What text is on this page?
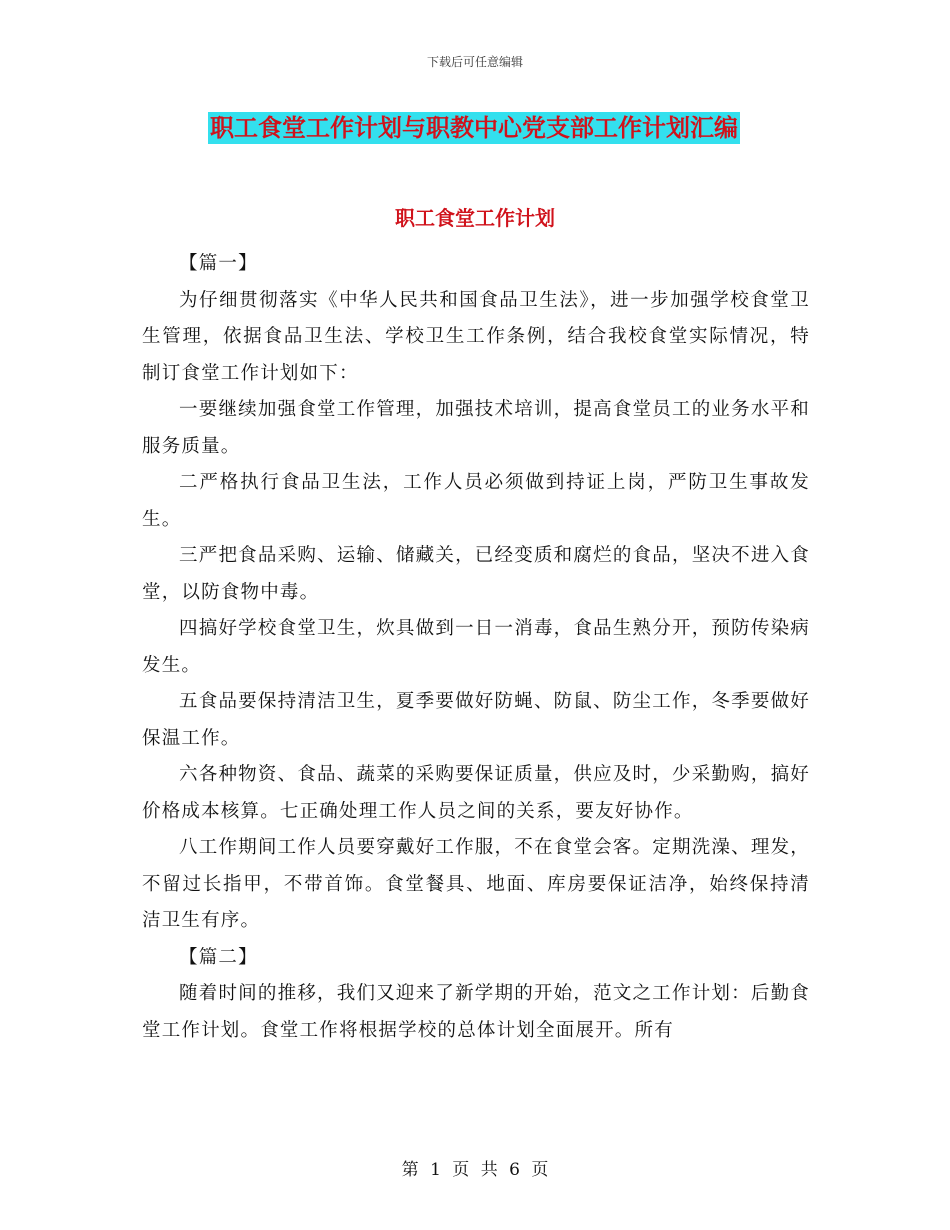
下载后可任意编辑
职工食堂工作计划与职教中心党支部工作计划汇编
职工食堂工作计划

【篇一】

为仔细贯彻落实《中华人民共和国食品卫生法》，进一步加强学校食堂卫生管理，依据食品卫生法、学校卫生工作条例，结合我校食堂实际情况，特制订食堂工作计划如下：

一要继续加强食堂工作管理，加强技术培训，提高食堂员工的业务水平和服务质量。

二严格执行食品卫生法，工作人员必须做到持证上岗，严防卫生事故发生。

三严把食品采购、运输、储藏关，已经变质和腐烂的食品，坚决不进入食堂，以防食物中毒。

四搞好学校食堂卫生，炊具做到一日一消毒，食品生熟分开，预防传染病发生。

五食品要保持清洁卫生，夏季要做好防蝇、防鼠、防尘工作，冬季要做好保温工作。

六各种物资、食品、蔬菜的采购要保证质量，供应及时，少采勤购，搞好价格成本核算。七正确处理工作人员之间的关系，要友好协作。

八工作期间工作人员要穿戴好工作服，不在食堂会客。定期洗澡、理发，不留过长指甲，不带首饰。食堂餐具、地面、库房要保证洁净，始终保持清洁卫生有序。

【篇二】

随着时间的推移，我们又迎来了新学期的开始，范文之工作计划：后勤食堂工作计划。食堂工作将根据学校的总体计划全面展开。所有

第 1 页 共 6 页
